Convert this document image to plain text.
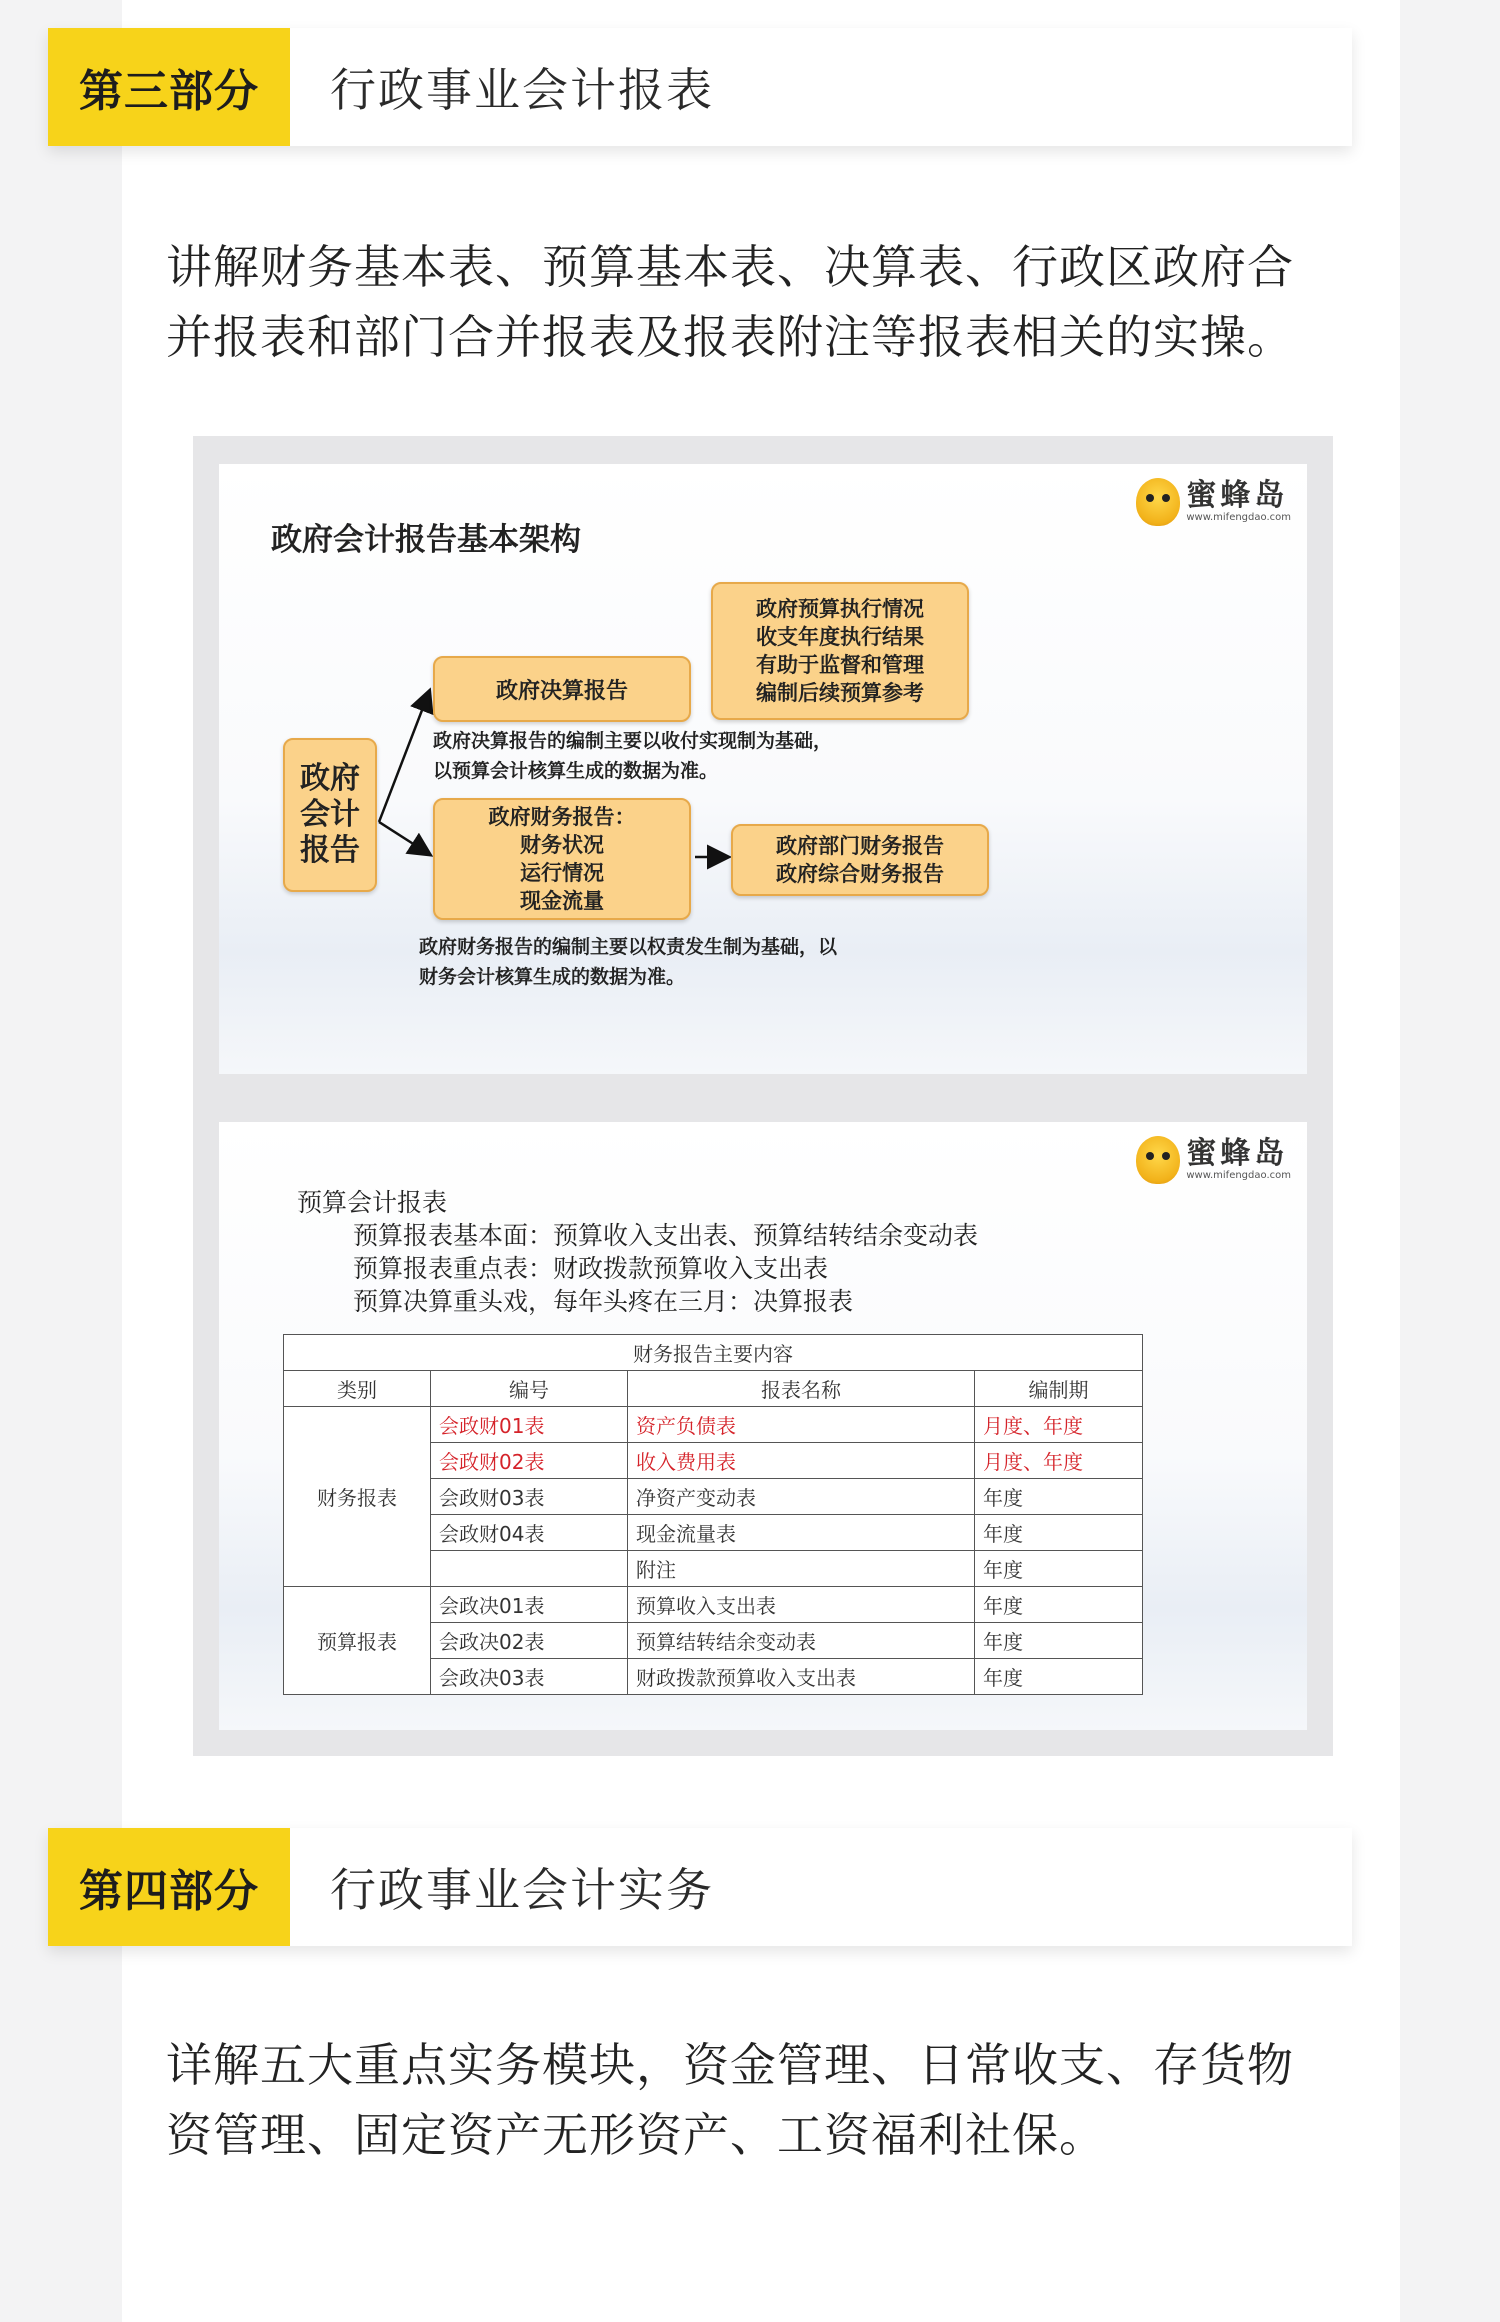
第三部分	行政事业会计报表
讲解财务基本表、预算基本表、决算表、行政区政府合
并报表和部门合并报表及报表附注等报表相关的实操。
蜜蜂岛
www.mifengdao.com
政府会计报告基本架构
政府
会计
报告
政府决算报告
政府预算执行情况
收支年度执行结果
有助于监督和管理
编制后续预算参考
政府决算报告的编制主要以收付实现制为基础，
以预算会计核算生成的数据为准。
政府财务报告：
财务状况
运行情况
现金流量
政府部门财务报告
政府综合财务报告
政府财务报告的编制主要以权责发生制为基础，以
财务会计核算生成的数据为准。
蜜蜂岛
www.mifengdao.com
预算会计报表
预算报表基本面：预算收入支出表、预算结转结余变动表
预算报表重点表：财政拨款预算收入支出表
预算决算重头戏，每年头疼在三月：决算报表
财务报告主要内容			
类别	编号	报表名称	编制期
财务报表	会政财01表	资产负债表	月度、年度
	会政财02表	收入费用表	月度、年度
	会政财03表	净资产变动表	年度
	会政财04表	现金流量表	年度
		附注	年度
预算报表	会政决01表	预算收入支出表	年度
	会政决02表	预算结转结余变动表	年度
	会政决03表	财政拨款预算收入支出表	年度
第四部分	行政事业会计实务
详解五大重点实务模块，资金管理、日常收支、存货物
资管理、固定资产无形资产、工资福利社保。
